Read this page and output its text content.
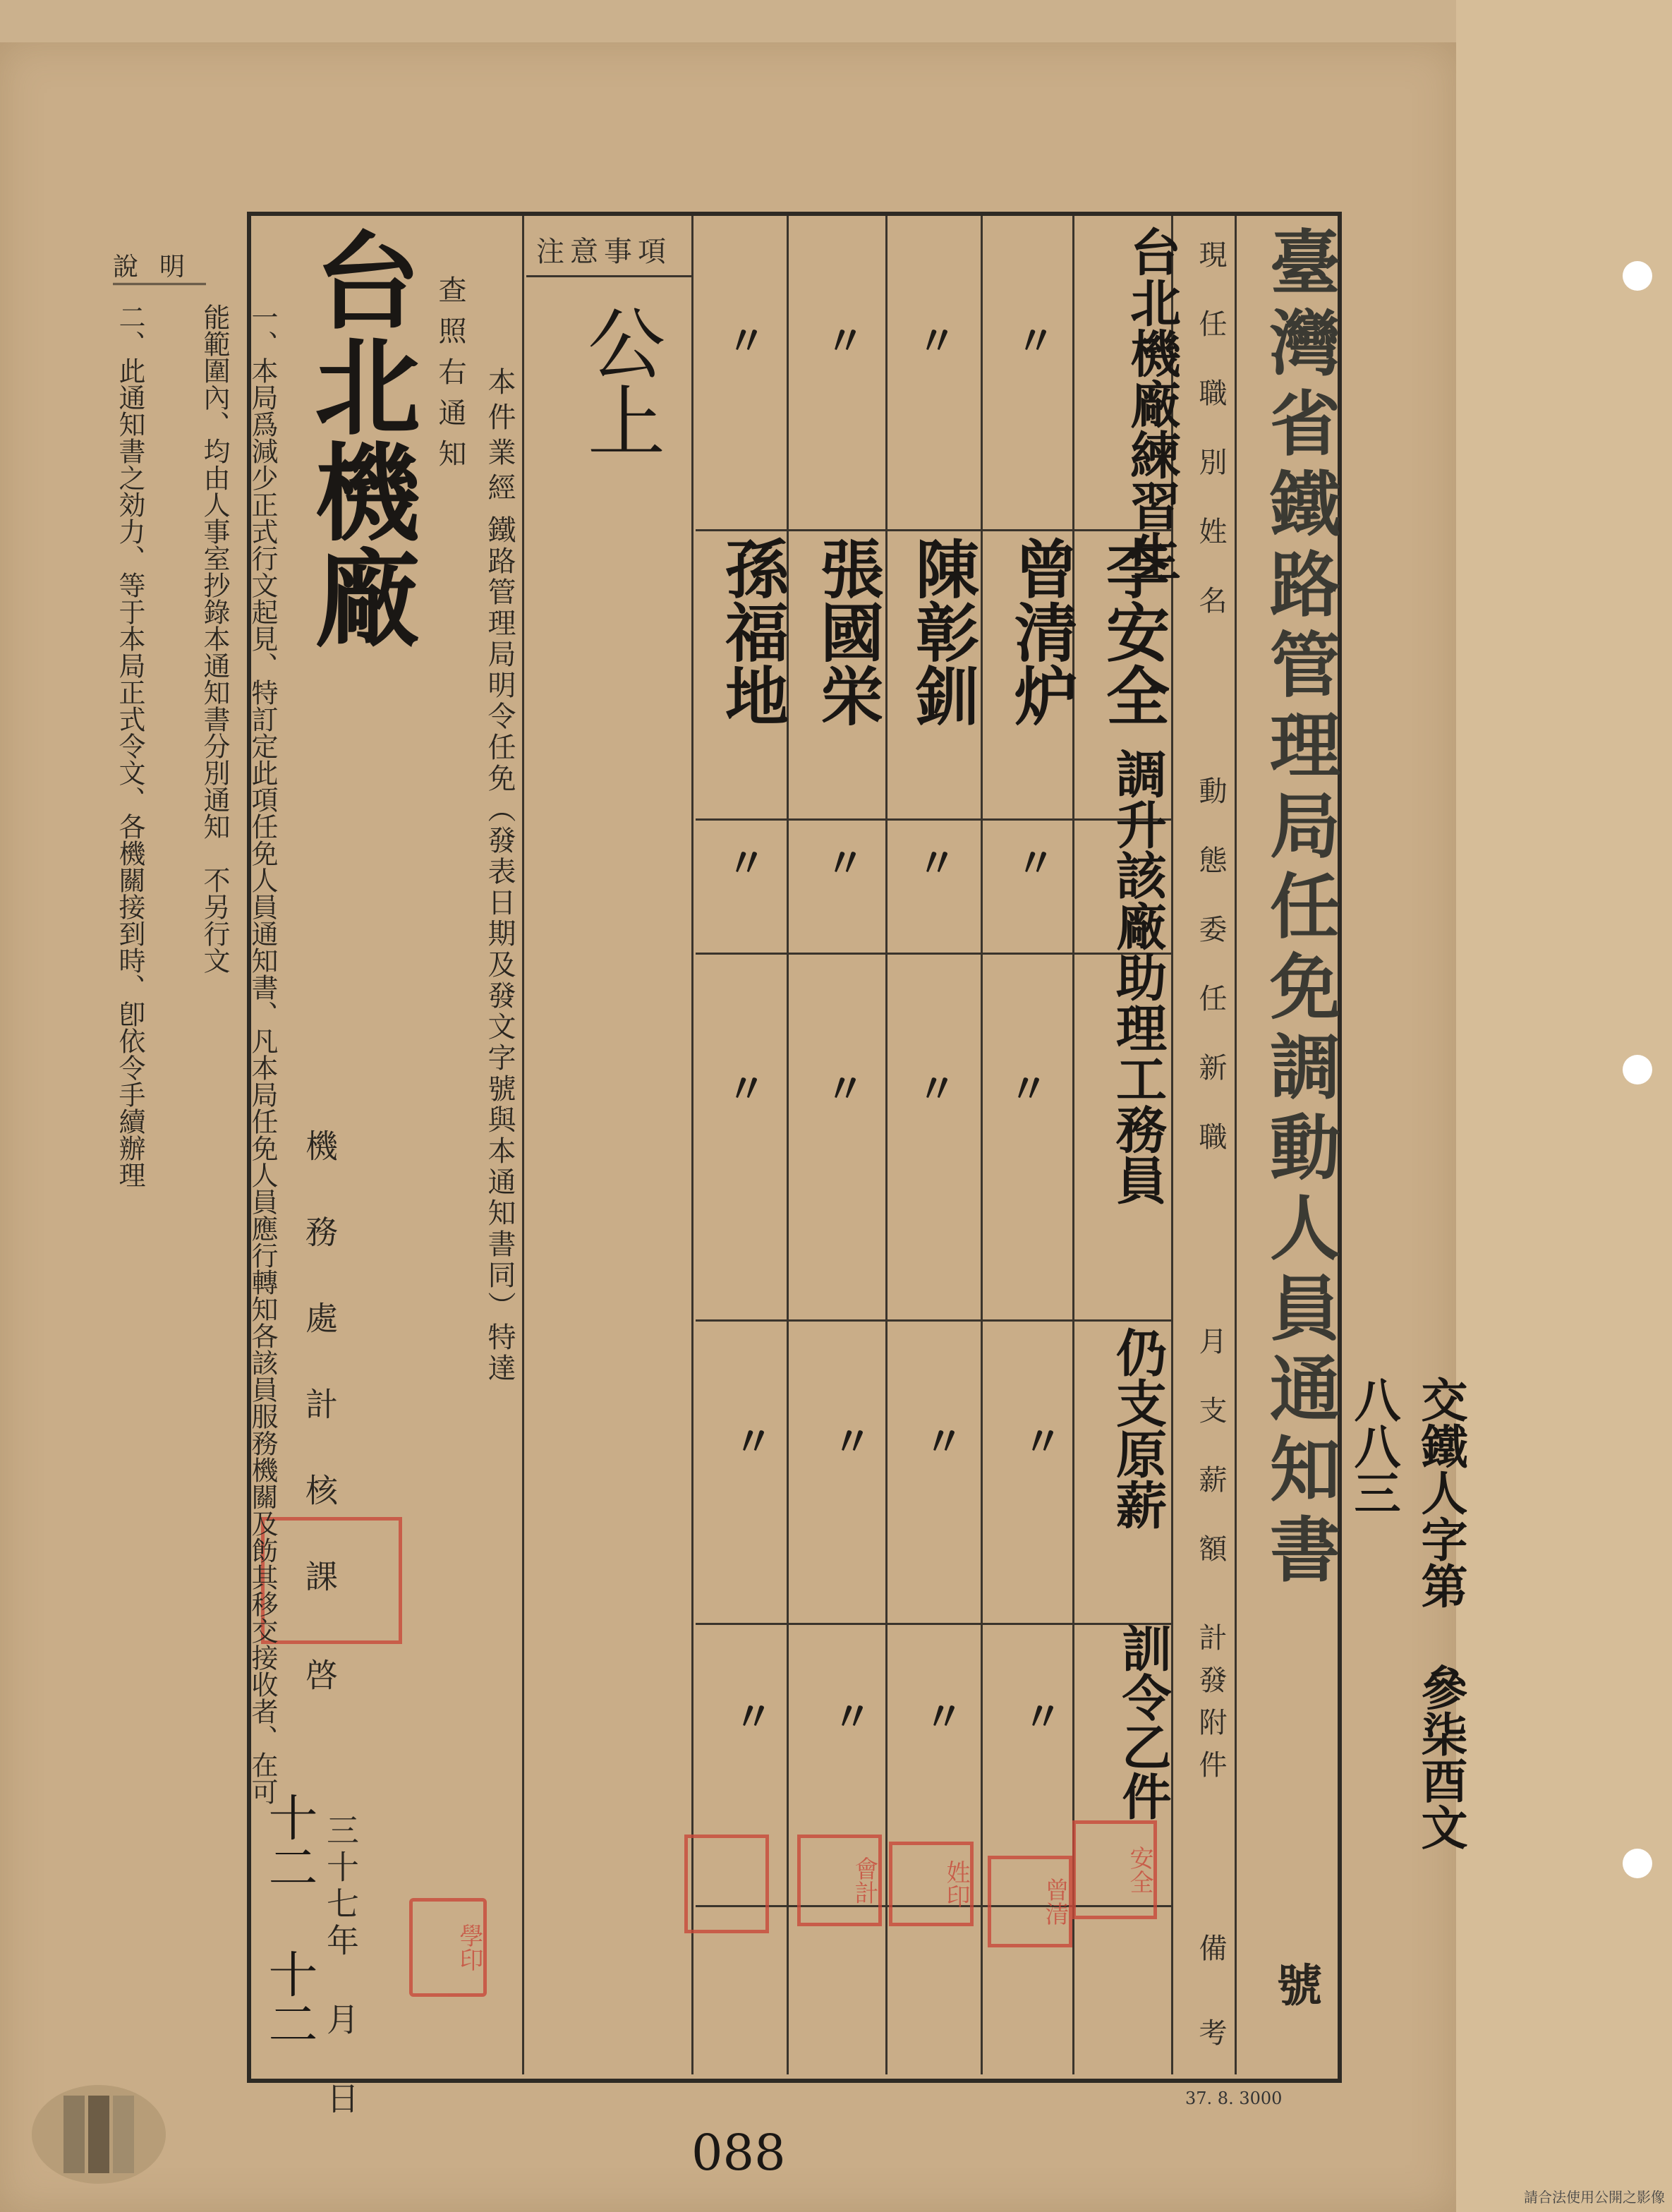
臺灣省鐵路管理局任免調動人員通知書
號
交鐵人字第 參柒酉文 八八三
現任職別姓名
動態委任新職
月支薪額
計發附件
備考
台北機廠練習生
調升該廠助理工務員
仍支原薪
訓令乙件
李安全
曾清炉
陳彰釧
張國栄
孫福地
〃
〃
〃
〃
〃
〃
〃
〃
〃
〃
〃
〃
〃
〃
〃
〃
〃
〃
〃
〃
注意事項
公上
本件業經
鐵路管理局明令任免（發表日期及發文字號與本通知書同）特達
查照右通知
台北機廠
機務處計核課
啓
學印
會計	姓印	曾清
安全
三十七年 月 日
十二 十二
說明
一、本局爲減少正式行文起見、特訂定此項任免人員通知書、凡本局任免人員應行轉知各該員服務機關及飭其移交接收者、在可能範圍內、均由人事室抄錄本通知書分別通知　不另行文
二、此通知書之効力、等于本局正式令文、各機關接到時、卽依令手續辦理
37. 8. 3000
088
請合法使用公開之影像
